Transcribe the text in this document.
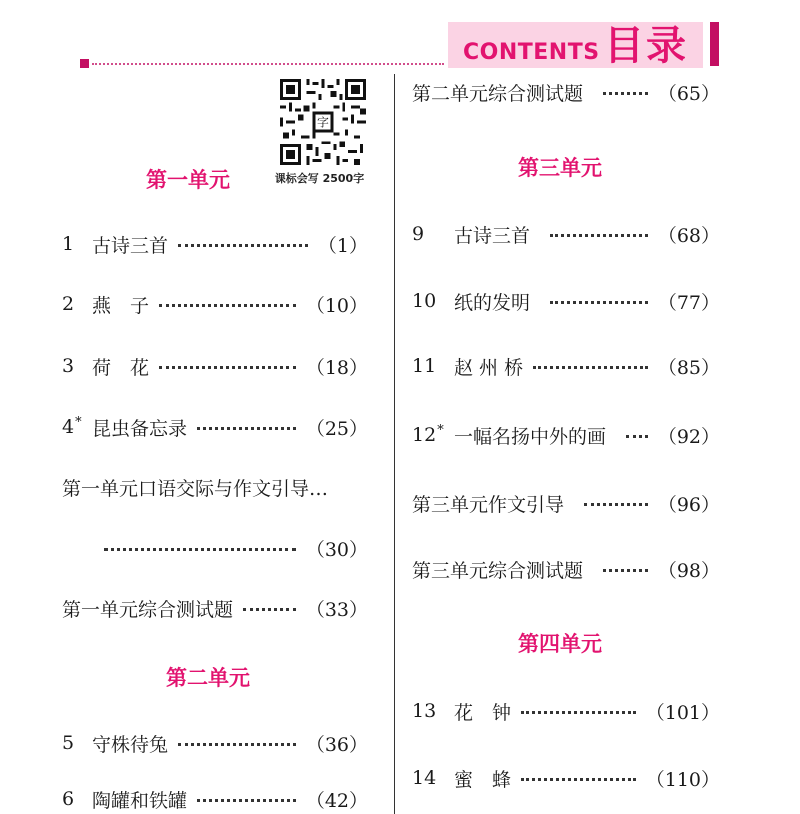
CONTENTS 目录
字
课标会写 2500字
第一单元
1 古诗三首	（1）
2 燕　子	（10）
3 荷　花	（18）
4* 昆虫备忘录	（25）
第一单元口语交际与作文引导…
（30）
第一单元综合测试题	（33）
第二单元
5 守株待兔	（36）
6 陶罐和铁罐	（42）
第二单元综合测试题	（65）
第三单元
9	古诗三首	（68）
10 纸的发明	（77）
11 赵 州 桥	（85）
12* 一幅名扬中外的画	（92）
第三单元作文引导	（96）
第三单元综合测试题	（98）
第四单元
13 花　钟	（101）
14 蜜　蜂	（110）
